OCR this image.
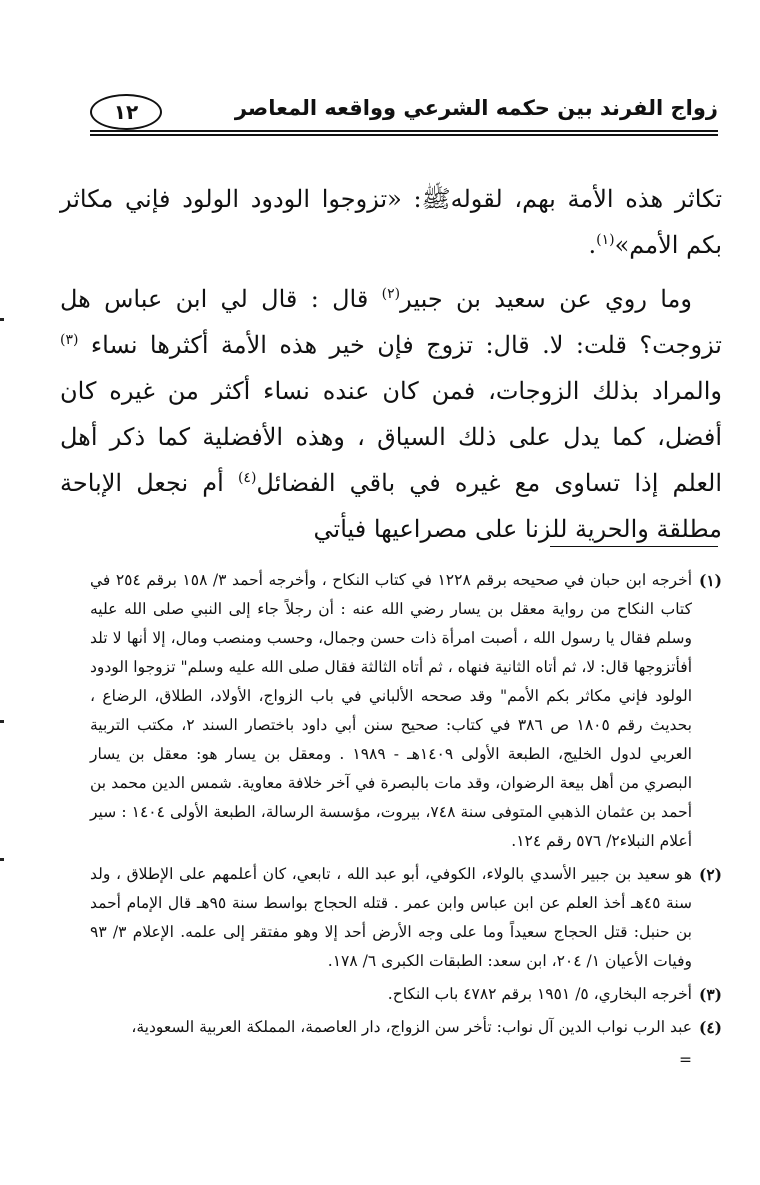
زواج الفرند بين حكمه الشرعي وواقعه المعاصر
١٢

تكاثر هذه الأمة بهم، لقولهﷺ: «تزوجوا الودود الولود فإني مكاثر بكم الأمم»$^{(١)}$.

وما روي عن سعيد بن جبير$^{(٢)}$ قال : قال لي ابن عباس هل تزوجت؟ قلت: لا. قال: تزوج فإن خير هذه الأمة أكثرها نساء $^{(٣)}$ والمراد بذلك الزوجات، فمن كان عنده نساء أكثر من غيره كان أفضل، كما يدل على ذلك السياق ، وهذه الأفضلية كما ذكر أهل العلم إذا تساوى مع غيره في باقي الفضائل$^{(٤)}$ أم نجعل الإباحة مطلقة والحرية للزنا على مصراعيها فيأتي

(١)
أخرجه ابن حبان في صحيحه برقم ١٢٢٨ في كتاب النكاح ، وأخرجه أحمد ٣/ ١٥٨ برقم ٢٥٤ في كتاب النكاح من رواية معقل بن يسار رضي الله عنه : أن رجلاً جاء إلى النبي صلى الله عليه وسلم فقال يا رسول الله ، أصبت امرأة ذات حسن وجمال، وحسب ومنصب ومال، إلا أنها لا تلد أفأتزوجها قال: لا، ثم أتاه الثانية فنهاه ، ثم أتاه الثالثة فقال صلى الله عليه وسلم" تزوجوا الودود الولود فإني مكاثر بكم الأمم" وقد صححه الألباني في باب الزواج، الأولاد، الطلاق، الرضاع ، بحديث رقم ١٨٠٥ ص ٣٨٦ في كتاب: صحيح سنن أبي داود باختصار السند ٢، مكتب التربية العربي لدول الخليج، الطبعة الأولى ١٤٠٩هـ - ١٩٨٩ . ومعقل بن يسار هو: معقل بن يسار البصري من أهل بيعة الرضوان، وقد مات بالبصرة في آخر خلافة معاوية. شمس الدين محمد بن أحمد بن عثمان الذهبي المتوفى سنة ٧٤٨، بيروت، مؤسسة الرسالة، الطبعة الأولى ١٤٠٤ : سير أعلام النبلاء٢/ ٥٧٦ رقم ١٢٤.
(٢)
هو سعيد بن جبير الأسدي بالولاء، الكوفي، أبو عبد الله ، تابعي، كان أعلمهم على الإطلاق ، ولد سنة ٤٥هـ أخذ العلم عن ابن عباس وابن عمر . قتله الحجاج بواسط سنة ٩٥هـ قال الإمام أحمد بن حنبل: قتل الحجاج سعيداً وما على وجه الأرض أحد إلا وهو مفتقر إلى علمه. الإعلام ٣/ ٩٣ وفيات الأعيان ١/ ٢٠٤، ابن سعد: الطبقات الكبرى ٦/ ١٧٨.
(٣)
أخرجه البخاري، ٥/ ١٩٥١ برقم ٤٧٨٢ باب النكاح.
(٤)
عبد الرب نواب الدين آل نواب: تأخر سن الزواج، دار العاصمة، المملكة العربية السعودية،
=
